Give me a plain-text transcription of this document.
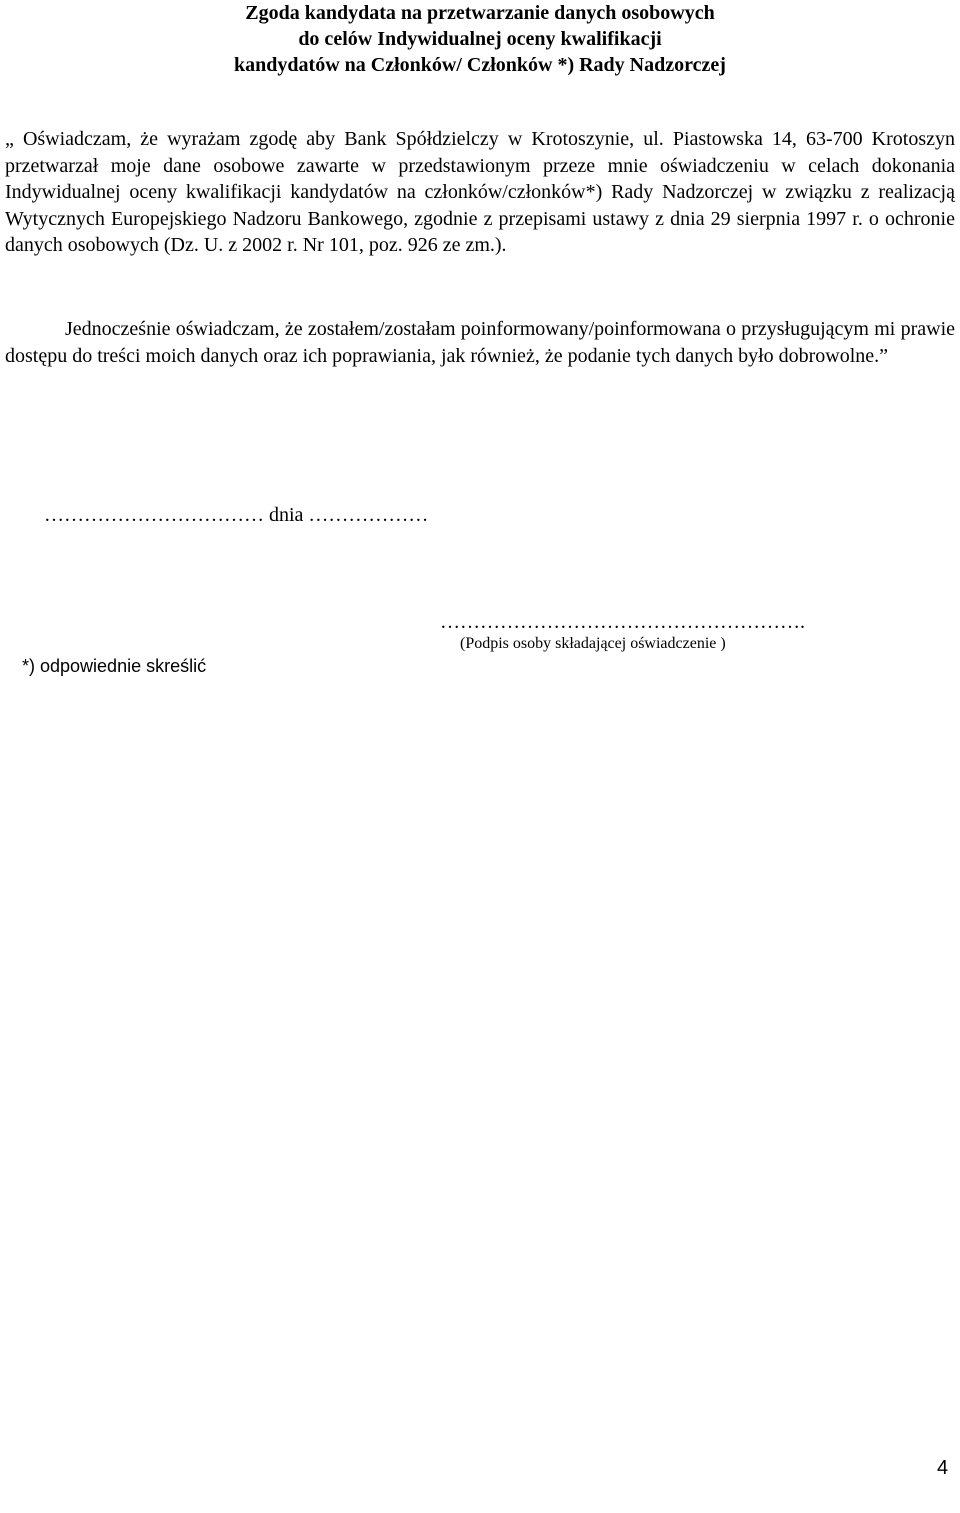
Zgoda kandydata na przetwarzanie danych osobowych
do celów Indywidualnej oceny kwalifikacji
kandydatów na Członków/ Członków *) Rady Nadzorczej

„ Oświadczam, że wyrażam zgodę aby Bank Spółdzielczy w Krotoszynie, ul. Piastowska 14, 63-700 Krotoszyn przetwarzał moje dane osobowe zawarte w przedstawionym przeze mnie oświadczeniu w celach dokonania Indywidualnej oceny kwalifikacji kandydatów na członków/członków*) Rady Nadzorczej w związku z realizacją Wytycznych Europejskiego Nadzoru Bankowego, zgodnie z przepisami ustawy z dnia 29 sierpnia 1997 r. o ochronie danych osobowych (Dz. U. z 2002 r. Nr 101, poz. 926 ze zm.).

Jednocześnie oświadczam, że zostałem/zostałam poinformowany/poinformowana o przysługującym mi prawie dostępu do treści moich danych oraz ich poprawiania, jak również, że podanie tych danych było dobrowolne.”

…………………………… dnia ………………
……………………………………………….
(Podpis osoby składającej oświadczenie )
*) odpowiednie skreślić
4
